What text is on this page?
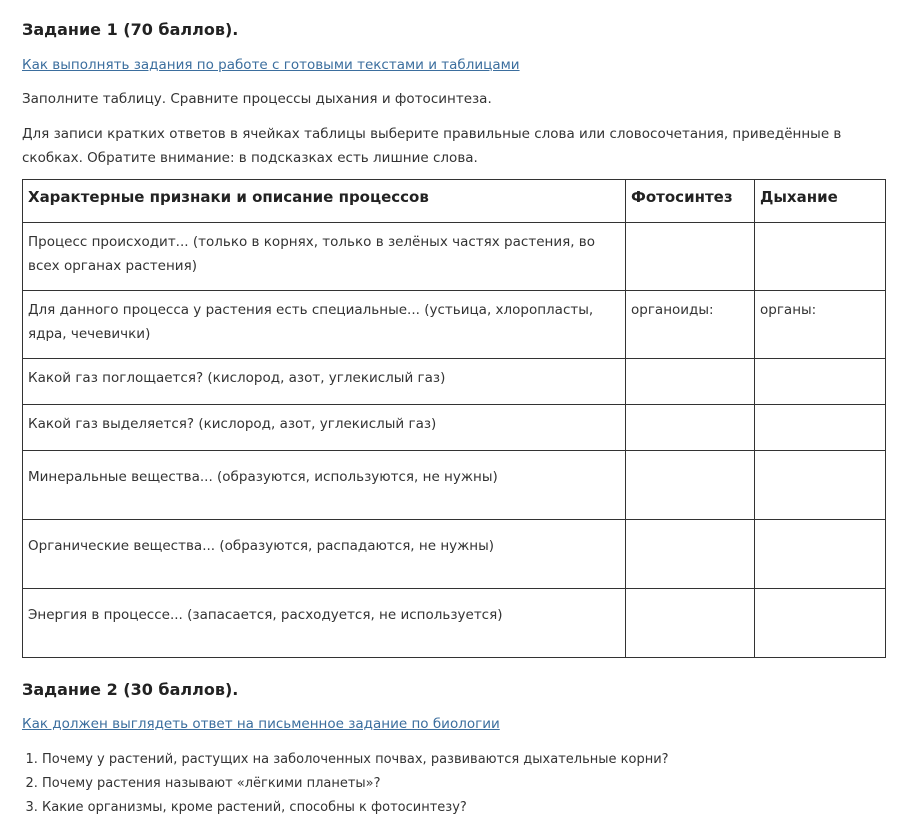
Задание 1 (70 баллов).
Как выполнять задания по работе с готовыми текстами и таблицами

Заполните таблицу. Сравните процессы дыхания и фотосинтеза.

Для записи кратких ответов в ячейках таблицы выберите правильные слова или словосочетания, приведённые в скобках. Обратите внимание: в подсказках есть лишние слова.

Характерные признаки и описание процессов	Фотосинтез	Дыхание
Процесс происходит... (только в корнях, только в зелёных частях растения, во всех органах растения)		
Для данного процесса у растения есть специальные... (устьица, хлоропласты, ядра, чечевички)	органоиды:	органы:
Какой газ поглощается? (кислород, азот, углекислый газ)		
Какой газ выделяется? (кислород, азот, углекислый газ)		
Минеральные вещества... (образуются, используются, не нужны)		
Органические вещества... (образуются, распадаются, не нужны)		
Энергия в процессе... (запасается, расходуется, не используется)		
Задание 2 (30 баллов).
Как должен выглядеть ответ на письменное задание по биологии
1. Почему у растений, растущих на заболоченных почвах, развиваются дыхательные корни?
2. Почему растения называют «лёгкими планеты»?
3. Какие организмы, кроме растений, способны к фотосинтезу?
